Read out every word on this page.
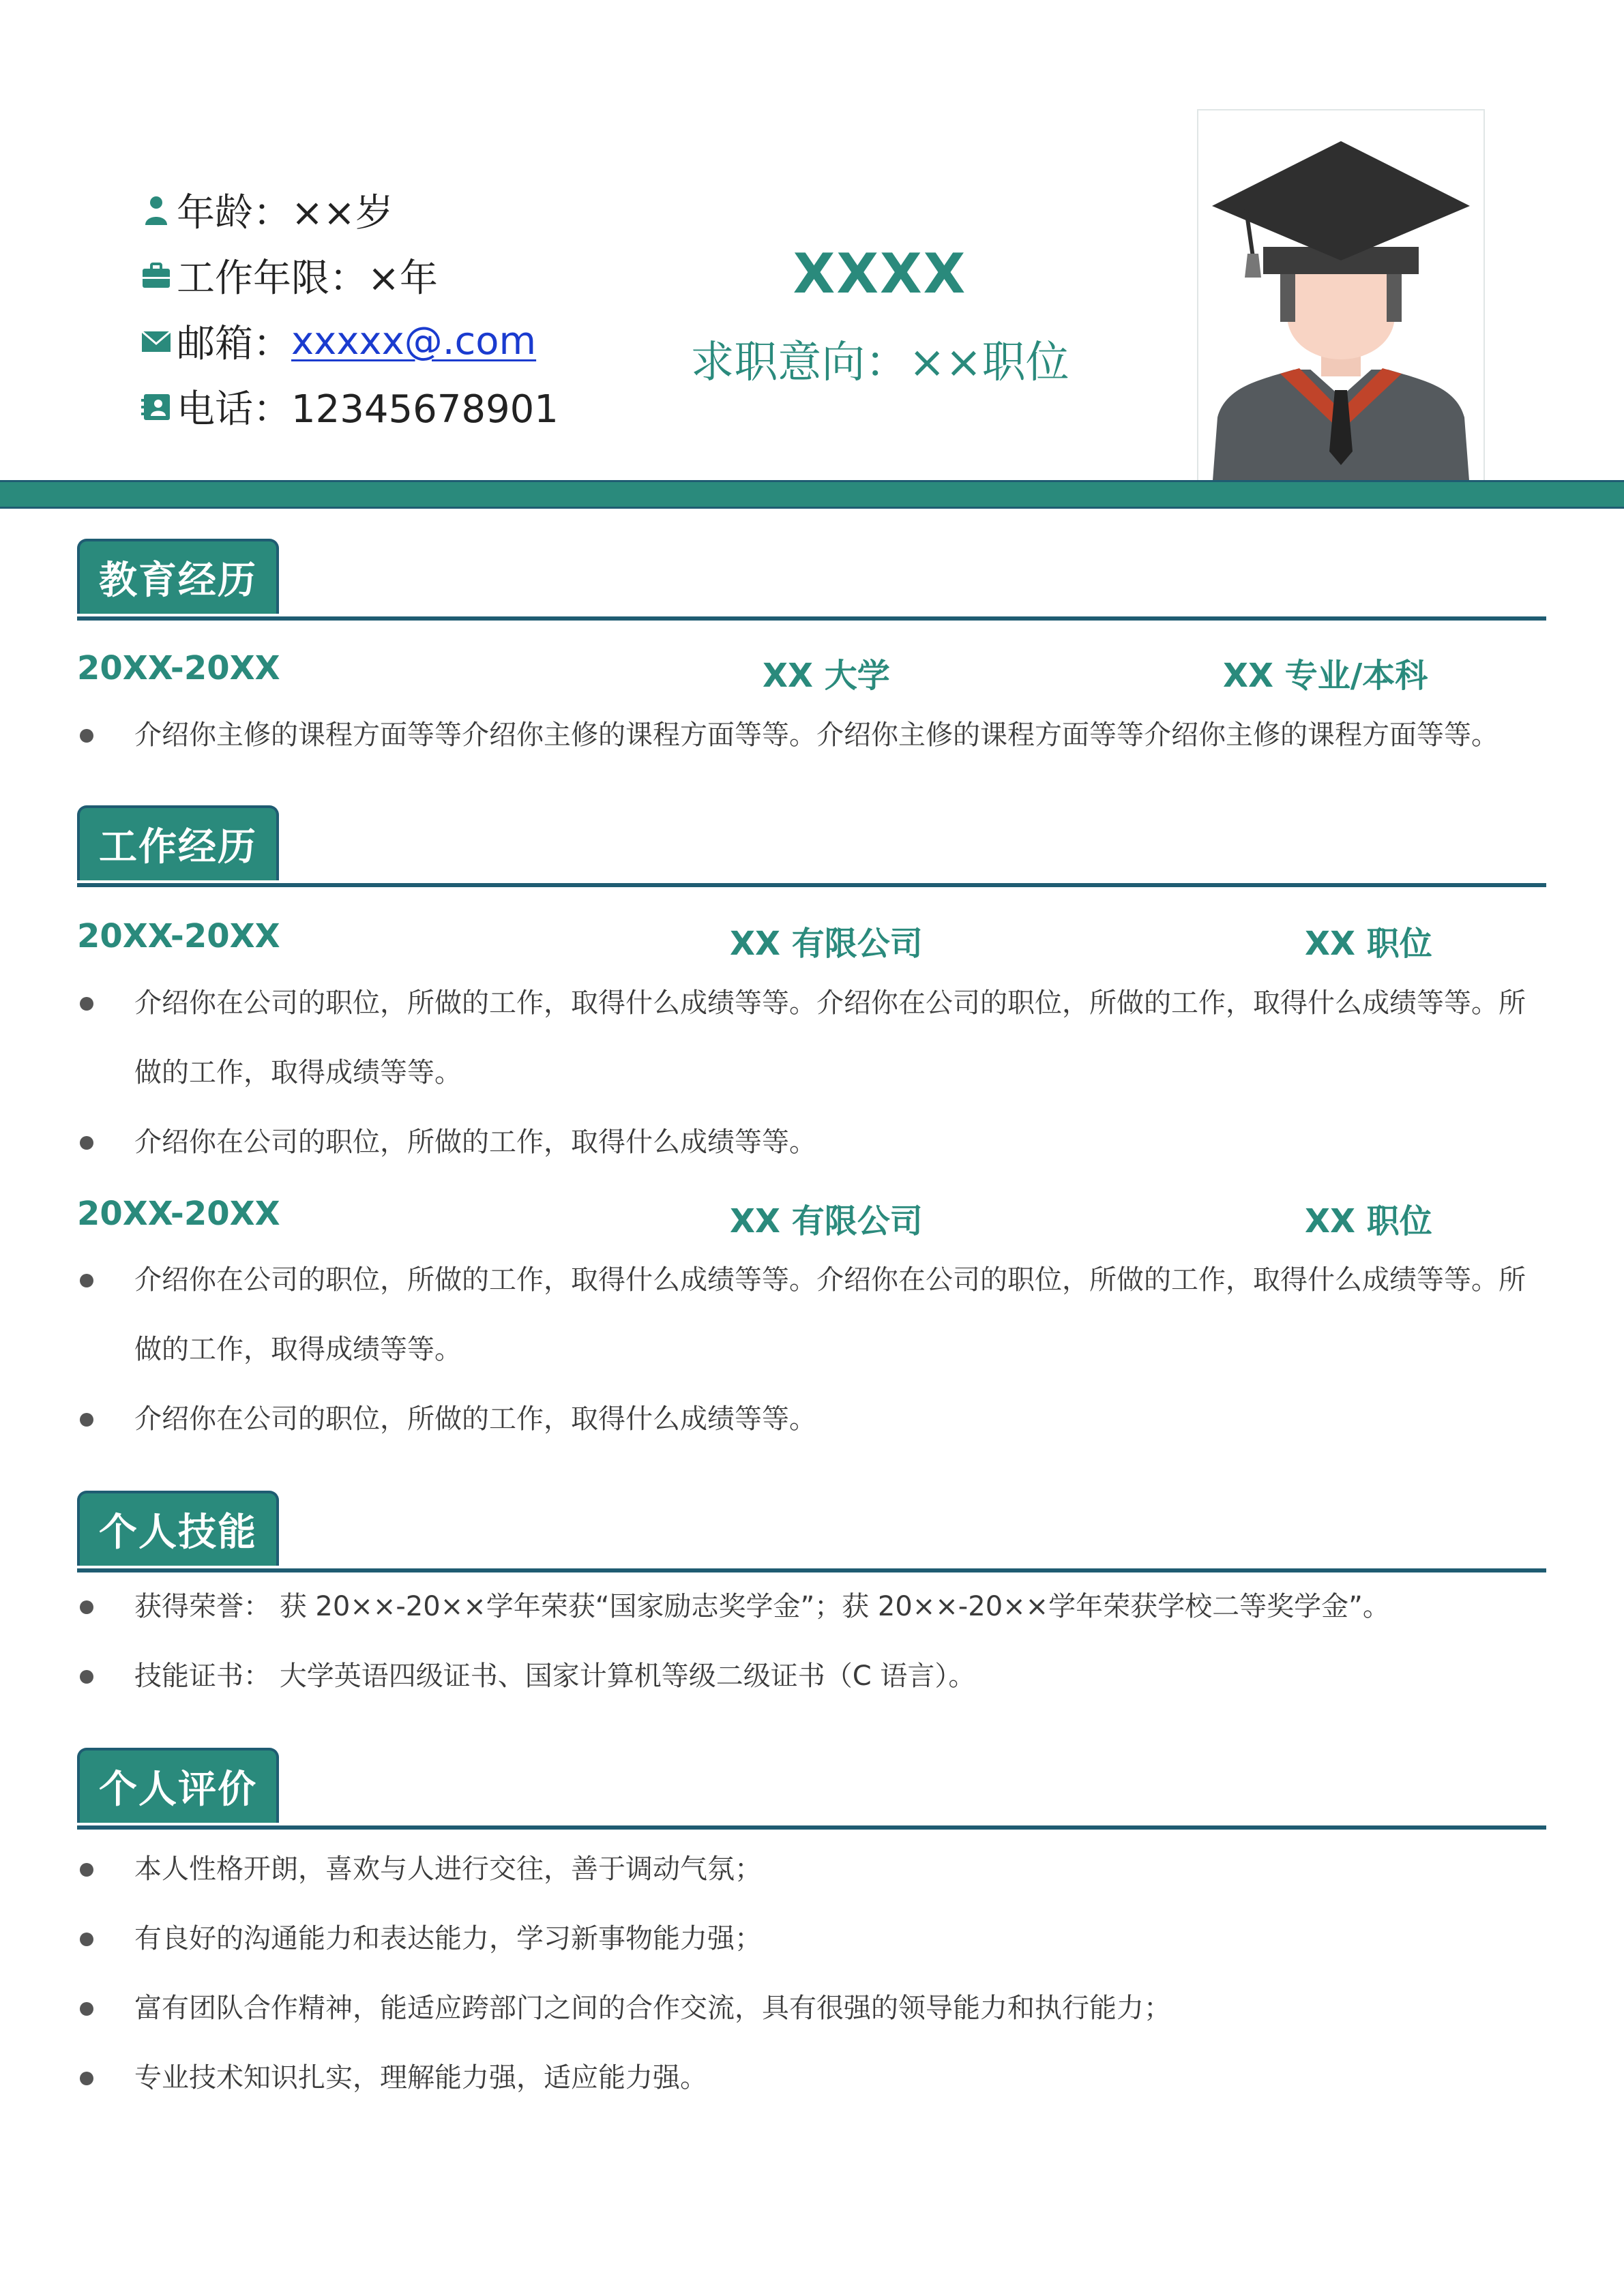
年龄：××岁
工作年限：×年
邮箱： xxxxx@.com
电话：12345678901
XXXX
求职意向：××职位
教育经历
20XX-20XX	XX 大学	XX 专业/本科
介绍你主修的课程方面等等介绍你主修的课程方面等等。介绍你主修的课程方面等等介绍你主修的课程方面等等。
工作经历
20XX-20XX	XX 有限公司	XX 职位
介绍你在公司的职位，所做的工作，取得什么成绩等等。介绍你在公司的职位，所做的工作，取得什么成绩等等。所做的工作，取得成绩等等。
介绍你在公司的职位，所做的工作，取得什么成绩等等。
20XX-20XX	XX 有限公司	XX 职位
介绍你在公司的职位，所做的工作，取得什么成绩等等。介绍你在公司的职位，所做的工作，取得什么成绩等等。所做的工作，取得成绩等等。
介绍你在公司的职位，所做的工作，取得什么成绩等等。
个人技能
获得荣誉： 获 20××-20××学年荣获“国家励志奖学金”；获 20××-20××学年荣获学校二等奖学金”。
技能证书： 大学英语四级证书、国家计算机等级二级证书（C 语言）。
个人评价
本人性格开朗，喜欢与人进行交往，善于调动气氛；
有良好的沟通能力和表达能力，学习新事物能力强；
富有团队合作精神，能适应跨部门之间的合作交流，具有很强的领导能力和执行能力；
专业技术知识扎实，理解能力强，适应能力强。
